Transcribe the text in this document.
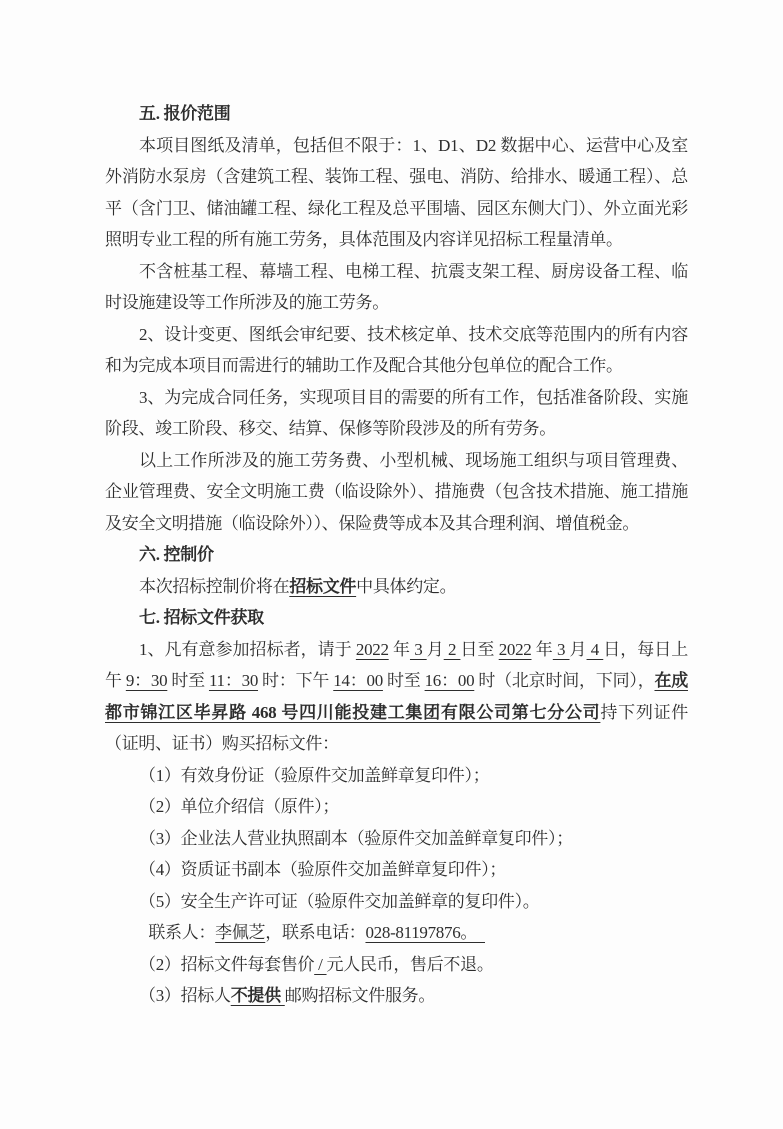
五. 报价范围

本项目图纸及清单，包括但不限于：1、D1、D2 数据中心、运营中心及室外消防水泵房（含建筑工程、装饰工程、强电、消防、给排水、暖通工程）、总平（含门卫、储油罐工程、绿化工程及总平围墙、园区东侧大门）、外立面光彩照明专业工程的所有施工劳务，具体范围及内容详见招标工程量清单。

不含桩基工程、幕墙工程、电梯工程、抗震支架工程、厨房设备工程、临时设施建设等工作所涉及的施工劳务。

2、设计变更、图纸会审纪要、技术核定单、技术交底等范围内的所有内容和为完成本项目而需进行的辅助工作及配合其他分包单位的配合工作。

3、为完成合同任务，实现项目目的需要的所有工作，包括准备阶段、实施阶段、竣工阶段、移交、结算、保修等阶段涉及的所有劳务。

以上工作所涉及的施工劳务费、小型机械、现场施工组织与项目管理费、企业管理费、安全文明施工费（临设除外）、措施费（包含技术措施、施工措施及安全文明措施（临设除外））、保险费等成本及其合理利润、增值税金。

六. 控制价

本次招标控制价将在招标文件中具体约定。

七. 招标文件获取

1、凡有意参加招标者，请于 2022 年 3 月 2 日至 2022 年 3 月 4 日，每日上午 9：30 时至 11：30 时：下午 14：00 时至 16：00 时（北京时间，下同），在成都市锦江区毕昇路 468 号四川能投建工集团有限公司第七分公司持下列证件（证明、证书）购买招标文件：

（1）有效身份证（验原件交加盖鲜章复印件）；

（2）单位介绍信（原件）；

（3）企业法人营业执照副本（验原件交加盖鲜章复印件）；

（4）资质证书副本（验原件交加盖鲜章复印件）；

（5）安全生产许可证（验原件交加盖鲜章的复印件）。

联系人：李佩芝，联系电话：028-81197876。

（2）招标文件每套售价 / 元人民币，售后不退。

（3）招标人不提供 邮购招标文件服务。
